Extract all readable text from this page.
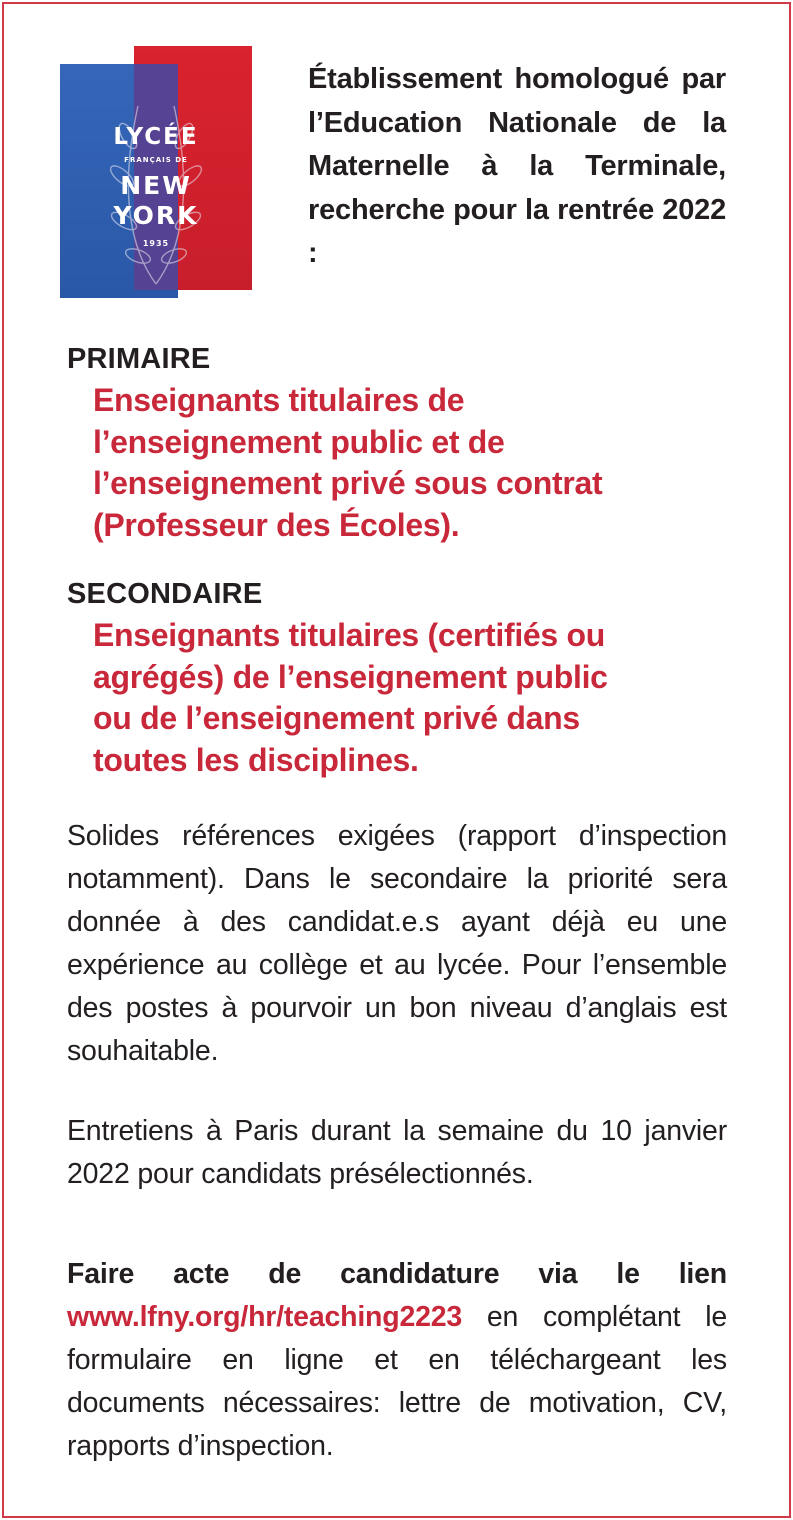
LYCÉE
FRANÇAIS DE
NEW
YORK
1935
Établissement homologué par l’Education Nationale de la Maternelle à la Terminale, recherche pour la rentrée 2022 :
PRIMAIRE
Enseignants titulaires de
l’enseignement public et de
l’enseignement privé sous contrat
(Professeur des Écoles).
SECONDAIRE
Enseignants titulaires (certifiés ou
agrégés) de l’enseignement public
ou de l’enseignement privé dans
toutes les disciplines.
Solides références exigées (rapport d’inspection notamment). Dans le secondaire la priorité sera donnée à des candidat.e.s ayant déjà eu une expérience au collège et au lycée. Pour l’ensemble des postes à pourvoir un bon niveau d’anglais est souhaitable.
Entretiens à Paris durant la semaine du 10 janvier 2022 pour candidats présélectionnés.
Faire acte de candidature via le lien www.lfny.org/hr/teaching2223 en complétant le formulaire en ligne et en téléchargeant les documents nécessaires: lettre de motivation, CV, rapports d’inspection.
